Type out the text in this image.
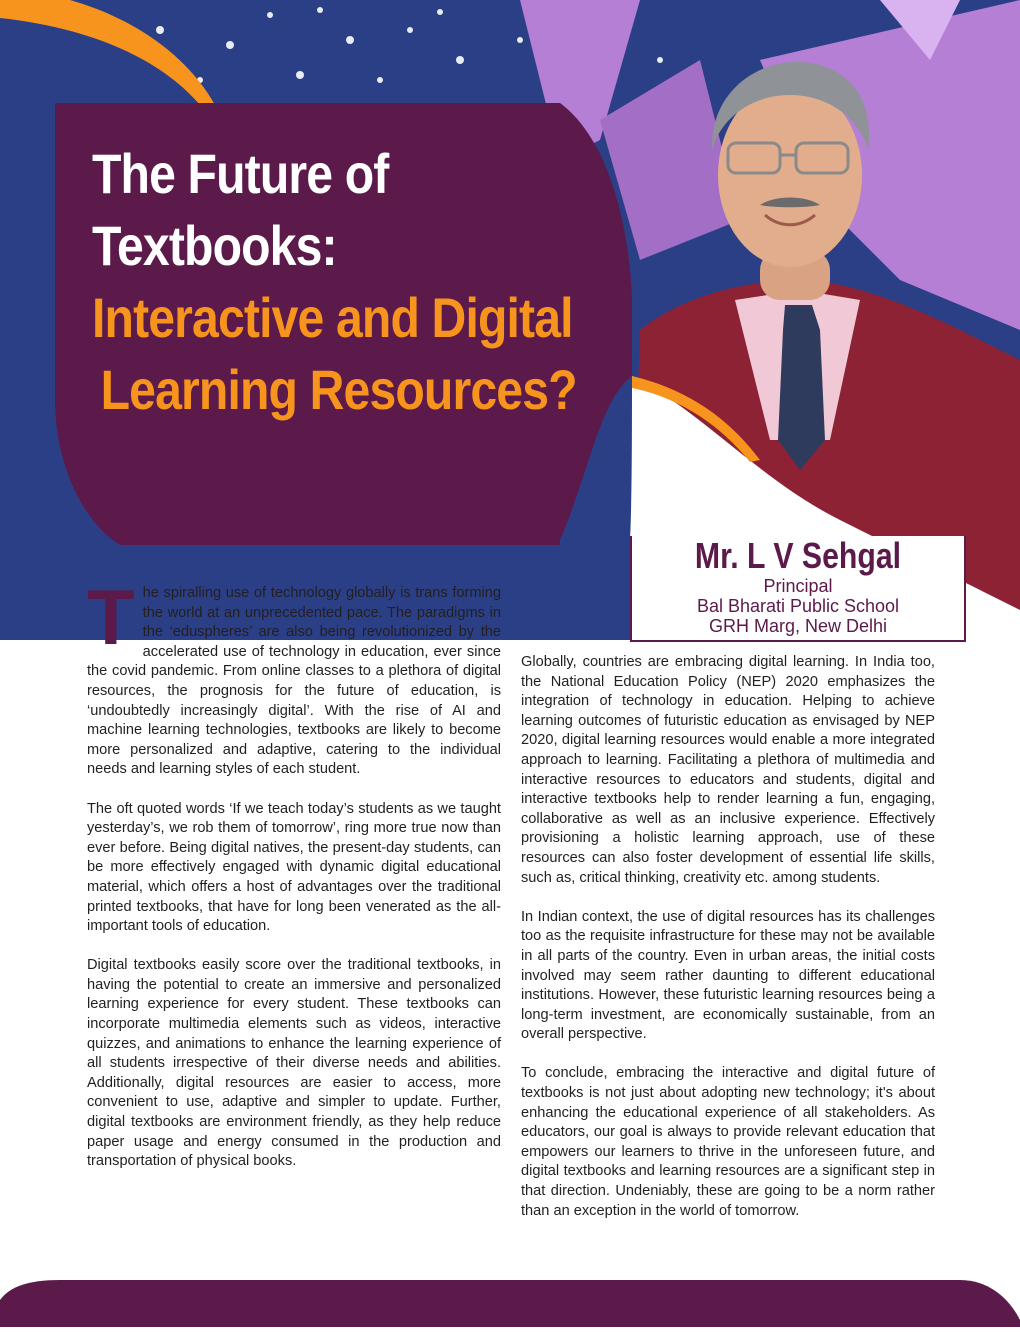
The Future of
Textbooks:
Interactive and Digital
Learning Resources?
Mr. L V Sehgal
Principal
Bal Bharati Public School
GRH Marg, New Delhi

T he spiralling use of technology globally is trans forming the world at an unprecedented pace. The paradigms in the ‘eduspheres’ are also being revolutionized by the accelerated use of technology in education, ever since the covid pandemic. From online classes to a plethora of digital resources, the prognosis for the future of education, is ‘undoubtedly increasingly digital’. With the rise of AI and machine learning technologies, textbooks are likely to become more personalized and adaptive, catering to the individual needs and learning styles of each student.

The oft quoted words ‘If we teach today’s students as we taught yesterday’s, we rob them of tomorrow’, ring more true now than ever before. Being digital natives, the present-day students, can be more effectively engaged with dynamic digital educational material, which offers a host of advantages over the traditional printed textbooks, that have for long been venerated as the all-important tools of education.

Digital textbooks easily score over the traditional textbooks, in having the potential to create an immersive and personalized learning experience for every student. These textbooks can incorporate multimedia elements such as videos, interactive quizzes, and animations to enhance the learning experience of all students irrespective of their diverse needs and abilities. Additionally, digital resources are easier to access, more convenient to use, adaptive and simpler to update. Further, digital textbooks are environment friendly, as they help reduce paper usage and energy consumed in the production and transportation of physical books.

Globally, countries are embracing digital learning. In India too, the National Education Policy (NEP) 2020 emphasizes the integration of technology in education. Helping to achieve learning outcomes of futuristic education as envisaged by NEP 2020, digital learning resources would enable a more integrated approach to learning. Facilitating a plethora of multimedia and interactive resources to educators and students, digital and interactive textbooks help to render learning a fun, engaging, collaborative as well as an inclusive experience. Effectively provisioning a holistic learning approach, use of these resources can also foster development of essential life skills, such as, critical thinking, creativity etc. among students.

In Indian context, the use of digital resources has its challenges too as the requisite infrastructure for these may not be available in all parts of the country. Even in urban areas, the initial costs involved may seem rather daunting to different educational institutions. However, these futuristic learning resources being a long-term investment, are economically sustainable, from an overall perspective.

To conclude, embracing the interactive and digital future of textbooks is not just about adopting new technology; it's about enhancing the educational experience of all stakeholders. As educators, our goal is always to provide relevant education that empowers our learners to thrive in the unforeseen future, and digital textbooks and learning resources are a significant step in that direction. Undeniably, these are going to be a norm rather than an exception in the world of tomorrow.
